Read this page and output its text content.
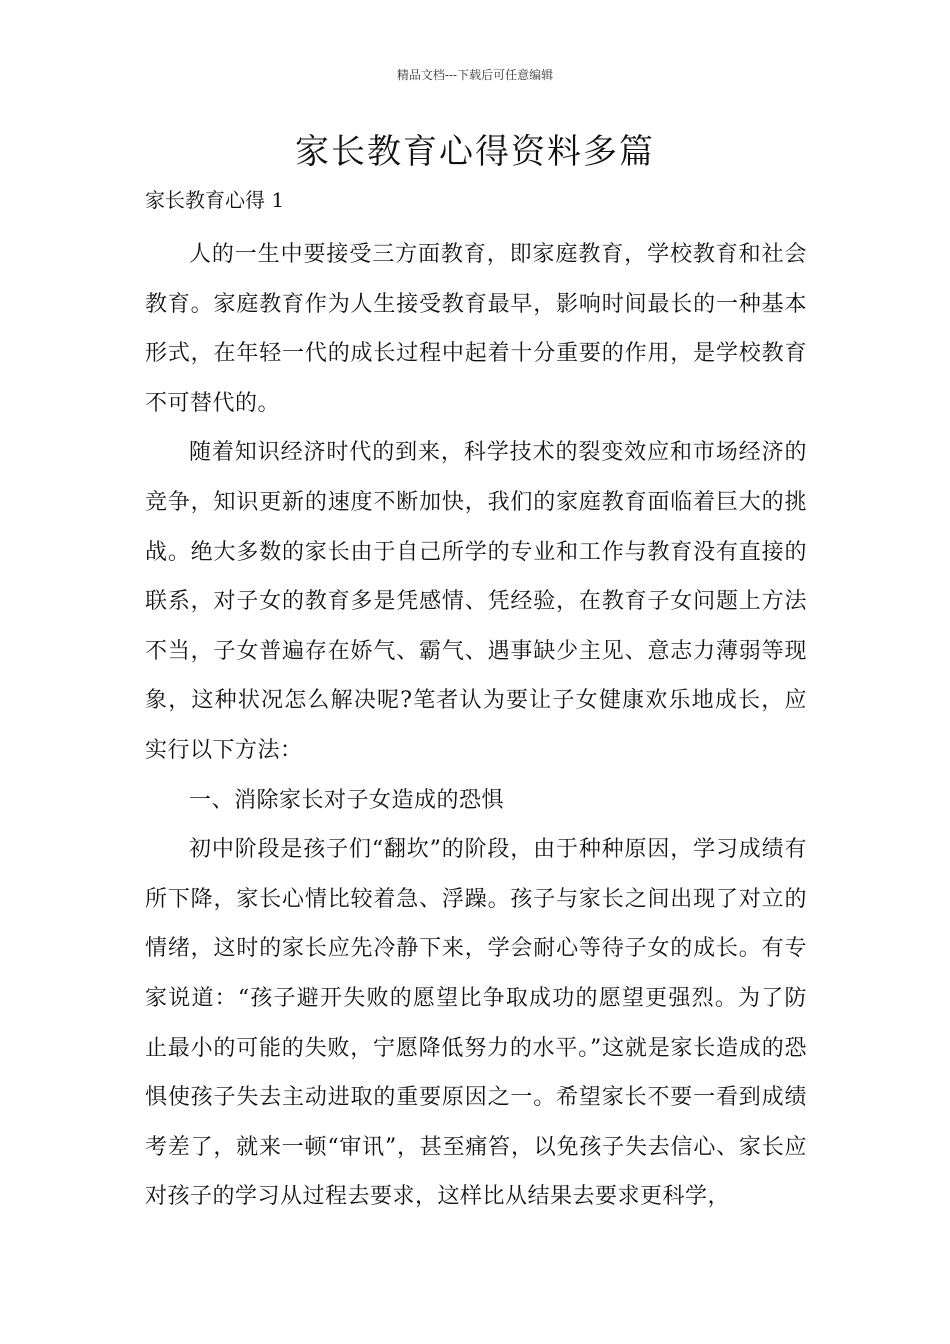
精品文档---下载后可任意编辑
家长教育心得资料多篇
家长教育心得 1

人的一生中要接受三方面教育，即家庭教育，学校教育和社会教育。家庭教育作为人生接受教育最早，影响时间最长的一种基本形式，在年轻一代的成长过程中起着十分重要的作用，是学校教育不可替代的。

随着知识经济时代的到来，科学技术的裂变效应和市场经济的竞争，知识更新的速度不断加快，我们的家庭教育面临着巨大的挑战。绝大多数的家长由于自己所学的专业和工作与教育没有直接的联系，对子女的教育多是凭感情、凭经验，在教育子女问题上方法不当，子女普遍存在娇气、霸气、遇事缺少主见、意志力薄弱等现象，这种状况怎么解决呢?笔者认为要让子女健康欢乐地成长，应实行以下方法：

一、消除家长对子女造成的恐惧

初中阶段是孩子们“翻坎”的阶段，由于种种原因，学习成绩有所下降，家长心情比较着急、浮躁。孩子与家长之间出现了对立的情绪，这时的家长应先冷静下来，学会耐心等待子女的成长。有专家说道：“孩子避开失败的愿望比争取成功的愿望更强烈。为了防止最小的可能的失败，宁愿降低努力的水平。”这就是家长造成的恐惧使孩子失去主动进取的重要原因之一。希望家长不要一看到成绩考差了，就来一顿“审讯”，甚至痛笞，以免孩子失去信心、家长应对孩子的学习从过程去要求，这样比从结果去要求更科学，
